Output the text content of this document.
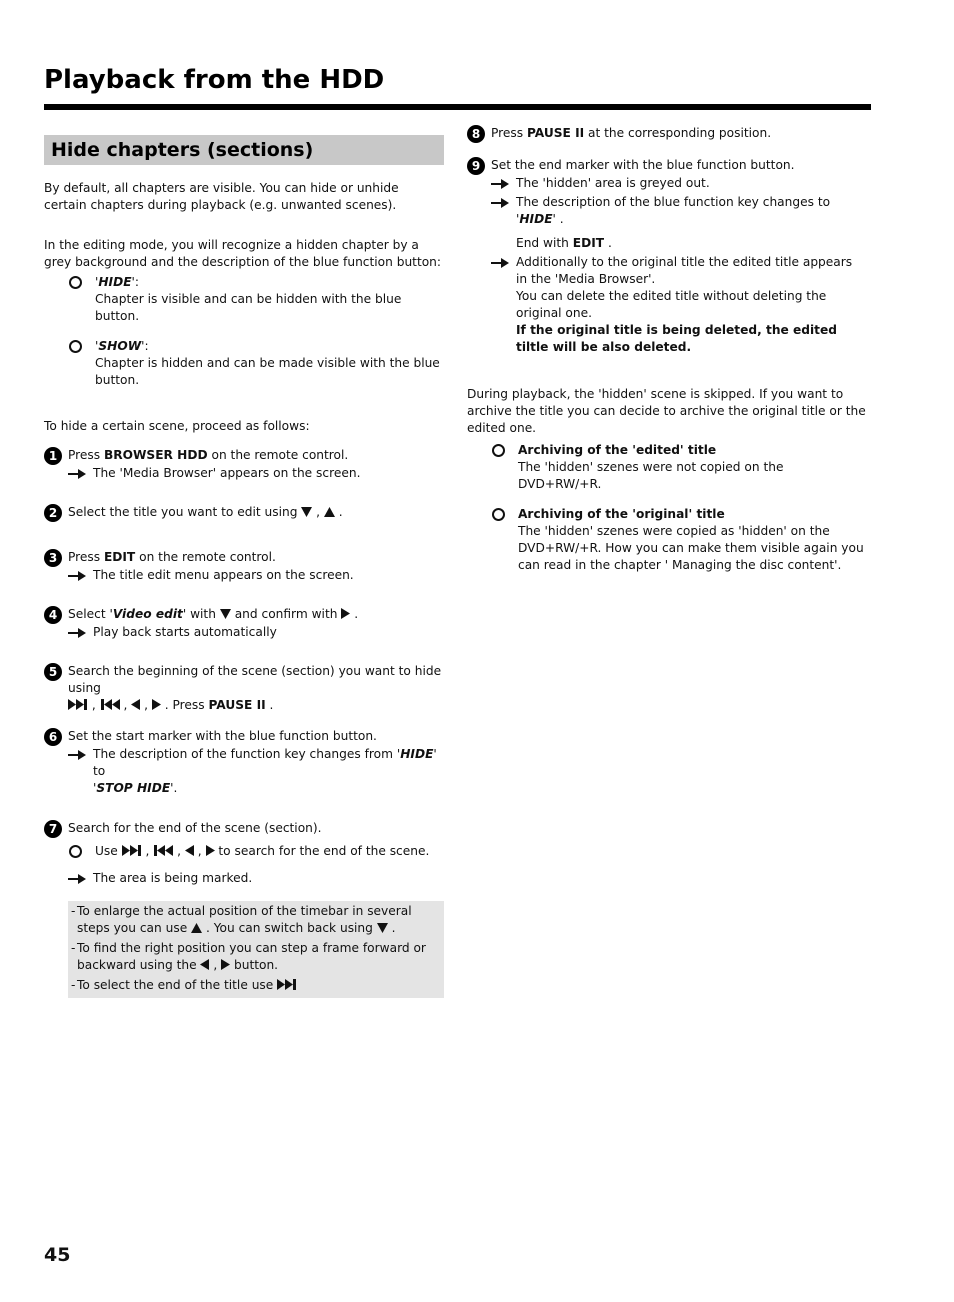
Playback from the HDD
Hide chapters (sections)

By default, all chapters are visible. You can hide or unhide certain chapters during playback (e.g. unwanted scenes).

In the editing mode, you will recognize a hidden chapter by a grey background and the description of the blue function button:

'HIDE':
Chapter is visible and can be hidden with the blue button.
'SHOW':
Chapter is hidden and can be made visible with the blue button.

To hide a certain scene, proceed as follows:

1 Press BROWSER HDD on the remote control.
The 'Media Browser' appears on the screen.
2 Select the title you want to edit using  ,  .
3 Press EDIT on the remote control.
The title edit menu appears on the screen.
4 Select 'Video edit' with and confirm with  .
Play back starts automatically
5 Search the beginning of the scene (section) you want to hide using
,  ,  ,  . Press PAUSE II .
6 Set the start marker with the blue function button.
The description of the function key changes from 'HIDE' to
'STOP HIDE'.
7 Search for the end of the scene (section).
Use  ,  ,  ,  to search for the end of the scene.
The area is being marked.
- To enlarge the actual position of the timebar in several steps you can use . You can switch back using  .
- To find the right position you can step a frame forward or backward using the  ,  button.
- To select the end of the title use
8 Press PAUSE II at the corresponding position.
9 Set the end marker with the blue function button.
The 'hidden' area is greyed out.
The description of the blue function key changes to 'HIDE' .
End with EDIT .
Additionally to the original title the edited title appears in the 'Media Browser'.
You can delete the edited title without deleting the original one.
If the original title is being deleted, the edited tiltle will be also deleted.

During playback, the 'hidden' scene is skipped. If you want to archive the title you can decide to archive the original title or the edited one.

Archiving of the 'edited' title
The 'hidden' szenes were not copied on the DVD+RW/+R.
Archiving of the 'original' title
The 'hidden' szenes were copied as 'hidden' on the DVD+RW/+R. How you can make them visible again you can read in the chapter ' Managing the disc content'.
45
